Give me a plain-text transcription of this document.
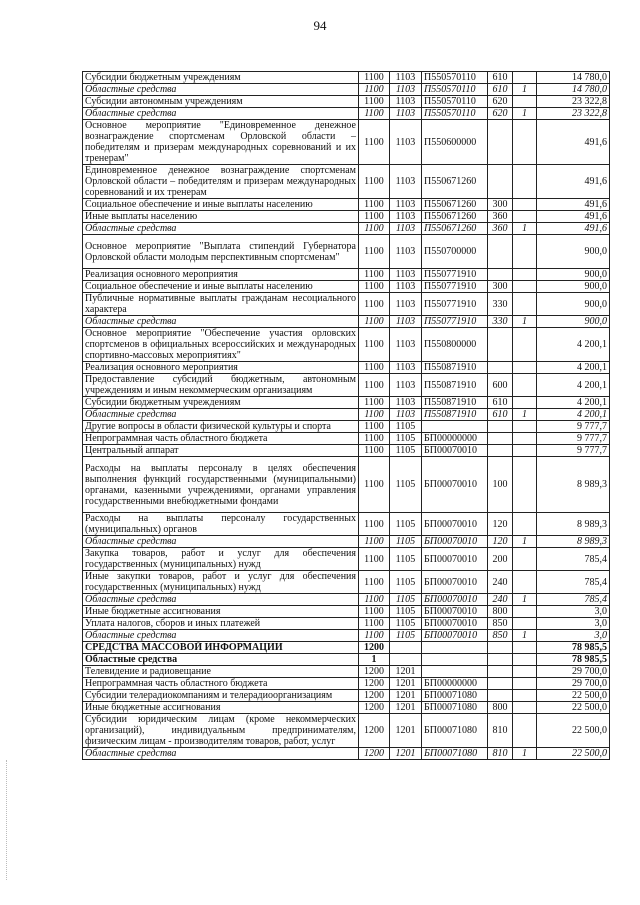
94
Субсидии бюджетным учреждениям	1100	1103	П550570110	610		14 780,0
Областные средства	1100	1103	П550570110	610	1	14 780,0
Субсидии автономным учреждениям	1100	1103	П550570110	620		23 322,8
Областные средства	1100	1103	П550570110	620	1	23 322,8
Основное мероприятие "Единовременное денежное вознаграждение спортсменам Орловской области – победителям и призерам международных соревнований и их тренерам"	1100	1103	П550600000			491,6
Единовременное денежное вознаграждение спортсменам Орловской области – победителям и призерам международных соревнований и их тренерам	1100	1103	П550671260			491,6
Социальное обеспечение и иные выплаты населению	1100	1103	П550671260	300		491,6
Иные выплаты населению	1100	1103	П550671260	360		491,6
Областные средства	1100	1103	П550671260	360	1	491,6
Основное мероприятие "Выплата стипендий Губернатора Орловской области молодым перспективным спортсменам"	1100	1103	П550700000			900,0
Реализация основного мероприятия	1100	1103	П550771910			900,0
Социальное обеспечение и иные выплаты населению	1100	1103	П550771910	300		900,0
Публичные нормативные выплаты гражданам несоциального характера	1100	1103	П550771910	330		900,0
Областные средства	1100	1103	П550771910	330	1	900,0
Основное мероприятие "Обеспечение участия орловских спортсменов в официальных всероссийских и международных спортивно-массовых мероприятиях"	1100	1103	П550800000			4 200,1
Реализация основного мероприятия	1100	1103	П550871910			4 200,1
Предоставление субсидий бюджетным, автономным учреждениям и иным некоммерческим организациям	1100	1103	П550871910	600		4 200,1
Субсидии бюджетным учреждениям	1100	1103	П550871910	610		4 200,1
Областные средства	1100	1103	П550871910	610	1	4 200,1
Другие вопросы в области физической культуры и спорта	1100	1105				9 777,7
Непрограммная часть областного бюджета	1100	1105	БП00000000			9 777,7
Центральный аппарат	1100	1105	БП00070010			9 777,7
Расходы на выплаты персоналу в целях обеспечения выполнения функций государственными (муниципальными) органами, казенными учреждениями, органами управления государственными внебюджетными фондами	1100	1105	БП00070010	100		8 989,3
Расходы на выплаты персоналу государственных (муниципальных) органов	1100	1105	БП00070010	120		8 989,3
Областные средства	1100	1105	БП00070010	120	1	8 989,3
Закупка товаров, работ и услуг для обеспечения государственных (муниципальных) нужд	1100	1105	БП00070010	200		785,4
Иные закупки товаров, работ и услуг для обеспечения государственных (муниципальных) нужд	1100	1105	БП00070010	240		785,4
Областные средства	1100	1105	БП00070010	240	1	785,4
Иные бюджетные ассигнования	1100	1105	БП00070010	800		3,0
Уплата налогов, сборов и иных платежей	1100	1105	БП00070010	850		3,0
Областные средства	1100	1105	БП00070010	850	1	3,0
СРЕДСТВА МАССОВОЙ ИНФОРМАЦИИ	1200					78 985,5
Областные средства	1					78 985,5
Телевидение и радиовещание	1200	1201				29 700,0
Непрограммная часть областного бюджета	1200	1201	БП00000000			29 700,0
Субсидии телерадиокомпаниям и телерадиоорганизациям	1200	1201	БП00071080			22 500,0
Иные бюджетные ассигнования	1200	1201	БП00071080	800		22 500,0
Субсидии юридическим лицам (кроме некоммерческих организаций), индивидуальным предпринимателям, физическим лицам - производителям товаров, работ, услуг	1200	1201	БП00071080	810		22 500,0
Областные средства	1200	1201	БП00071080	810	1	22 500,0
